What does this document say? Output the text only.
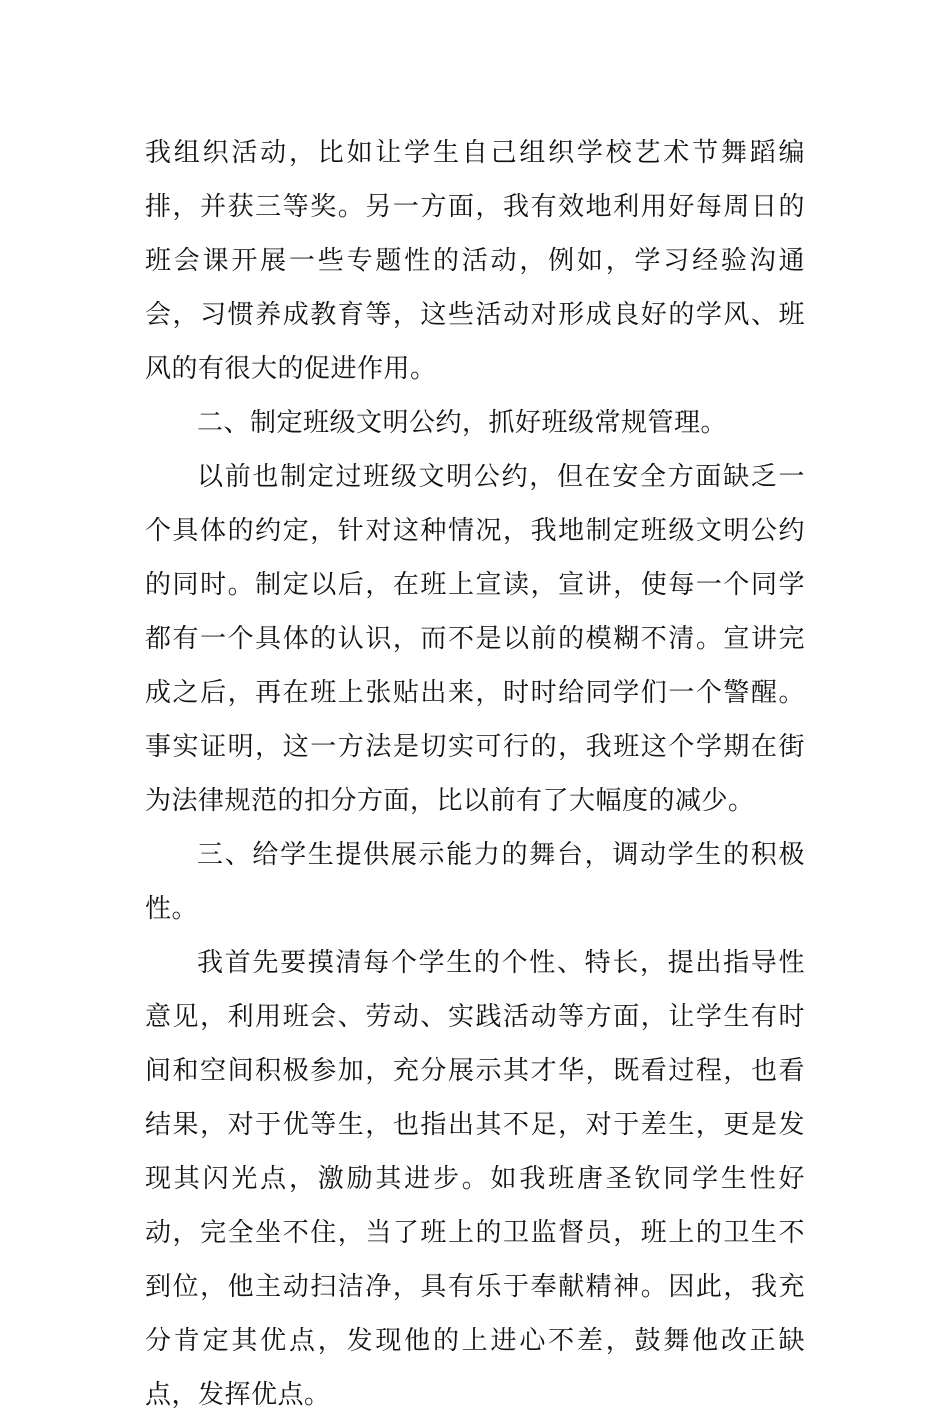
我组织活动，比如让学生自己组织学校艺术节舞蹈编排，并获三等奖。另一方面，我有效地利用好每周日的班会课开展一些专题性的活动，例如，学习经验沟通会，习惯养成教育等，这些活动对形成良好的学风、班风的有很大的促进作用。

二、制定班级文明公约，抓好班级常规管理。

以前也制定过班级文明公约，但在安全方面缺乏一个具体的约定，针对这种情况，我地制定班级文明公约的同时。制定以后，在班上宣读，宣讲，使每一个同学都有一个具体的认识，而不是以前的模糊不清。宣讲完成之后，再在班上张贴出来，时时给同学们一个警醒。事实证明，这一方法是切实可行的，我班这个学期在街为法律规范的扣分方面，比以前有了大幅度的减少。

三、给学生提供展示能力的舞台，调动学生的积极性。

我首先要摸清每个学生的个性、特长，提出指导性意见，利用班会、劳动、实践活动等方面，让学生有时间和空间积极参加，充分展示其才华，既看过程，也看结果，对于优等生，也指出其不足，对于差生，更是发现其闪光点，激励其进步。如我班唐圣钦同学生性好动，完全坐不住，当了班上的卫监督员，班上的卫生不到位，他主动扫洁净，具有乐于奉献精神。因此，我充分肯定其优点，发现他的上进心不差，鼓舞他改正缺点，发挥优点。
